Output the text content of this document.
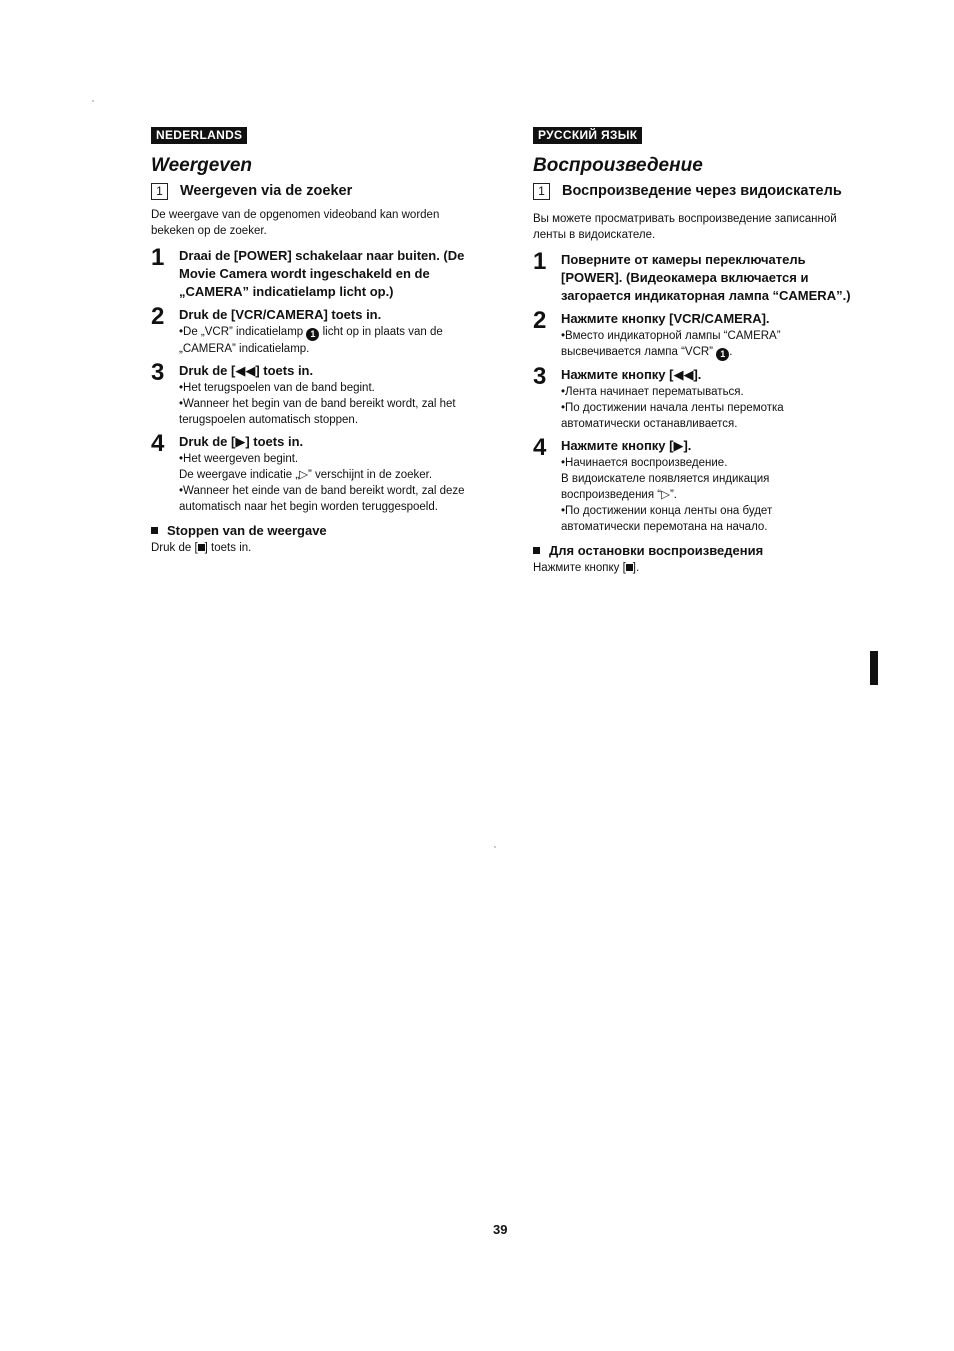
NEDERLANDS
Weergeven
1	Weergeven via de zoeker
De weergave van de opgenomen videoband kan worden bekeken op de zoeker.
1	Draai de [POWER] schakelaar naar buiten. (De Movie Camera wordt ingeschakeld en de „CAMERA” indicatielamp licht op.)
2	Druk de [VCR/CAMERA] toets in.
•De „VCR” indicatielamp 1 licht op in plaats van de „CAMERA” indicatielamp.
3	Druk de [◀◀] toets in.
•Het terugspoelen van de band begint.
•Wanneer het begin van de band bereikt wordt, zal het terugspoelen automatisch stoppen.
4	Druk de [▶] toets in.
•Het weergeven begint.
De weergave indicatie „▷” verschijnt in de zoeker.
•Wanneer het einde van de band bereikt wordt, zal deze automatisch naar het begin worden teruggespoeld.
Stoppen van de weergave
Druk de [ ] toets in.
РУССКИЙ ЯЗЫК
Воспроизведение
1	Воспроизведение через видоискатель
Вы можете просматривать воспроизведение записанной ленты в видоискателе.
1	Поверните от камеры переключатель [POWER]. (Видеокамера включается и загорается индикаторная лампа “CAMERA”.)
2	Нажмите кнопку [VCR/CAMERA].
•Вместо индикаторной лампы “CAMERA” высвечивается лампа “VCR” 1 .
3	Нажмите кнопку [◀◀].
•Лента начинает перематываться.
•По достижении начала ленты перемотка автоматически останавливается.
4	Нажмите кнопку [▶].
•Начинается воспроизведение.
В видоискателе появляется индикация воспроизведения “▷”.
•По достижении конца ленты она будет автоматически перемотана на начало.
Для остановки воспроизведения
Нажмите кнопку [ ].
39
